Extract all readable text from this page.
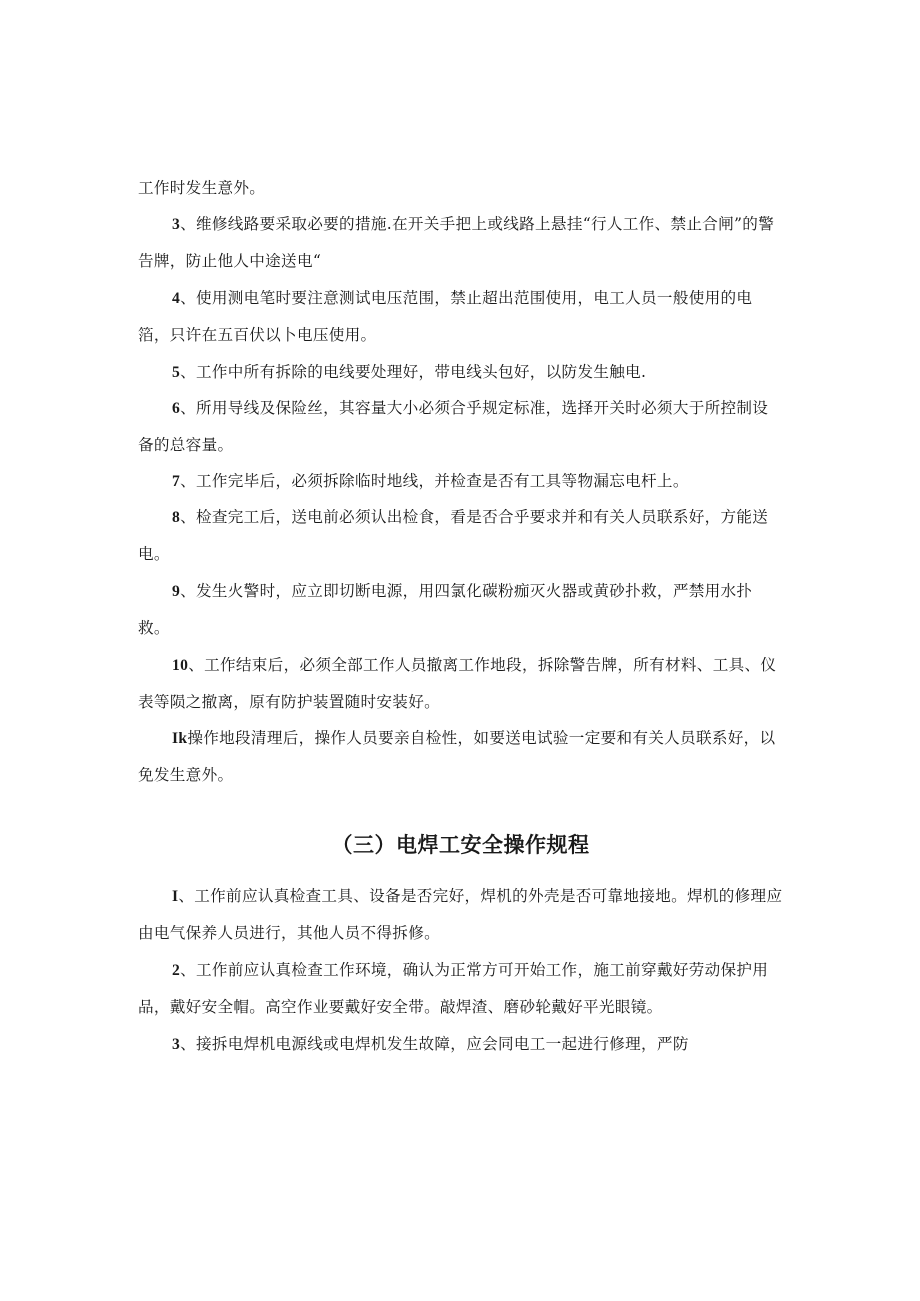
工作时发生意外。

3、维修线路要采取必要的措施.在开关手把上或线路上悬挂“行人工作、禁止合闸”的警告牌，防止他人中途送电“

4、使用测电笔时要注意测试电压范围，禁止超出范围使用，电工人员一般使用的电箔，只许在五百伏以卜电压使用。

5、工作中所有拆除的电线要处理好，带电线头包好，以防发生触电.

6、所用导线及保险丝，其容量大小必须合乎规定标准，选择开关时必须大于所控制设备的总容量。

7、工作完毕后，必须拆除临时地线，并检查是否有工具等物漏忘电杆上。

8、检查完工后，送电前必须认出检食，看是否合乎要求并和有关人员联系好，方能送电。

9、发生火警时，应立即切断电源，用四氯化碳粉痂灭火器或黄砂扑救，严禁用水扑救。

10、工作结束后，必须全部工作人员撤离工作地段，拆除警告牌，所有材料、工具、仪表等陨之撤离，原有防护装置随时安装好。

Ik操作地段清理后，操作人员要亲自检性，如要送电试验一定要和有关人员联系好，以免发生意外。

（三）电焊工安全操作规程

I、工作前应认真检查工具、设备是否完好，焊机的外壳是否可靠地接地。焊机的修理应由电气保养人员进行，其他人员不得拆修。

2、工作前应认真检查工作环境，确认为正常方可开始工作，施工前穿戴好劳动保护用品，戴好安全帽。高空作业要戴好安全带。敲焊渣、磨砂轮戴好平光眼镜。

3、接拆电焊机电源线或电焊机发生故障，应会同电工一起进行修理，严防
